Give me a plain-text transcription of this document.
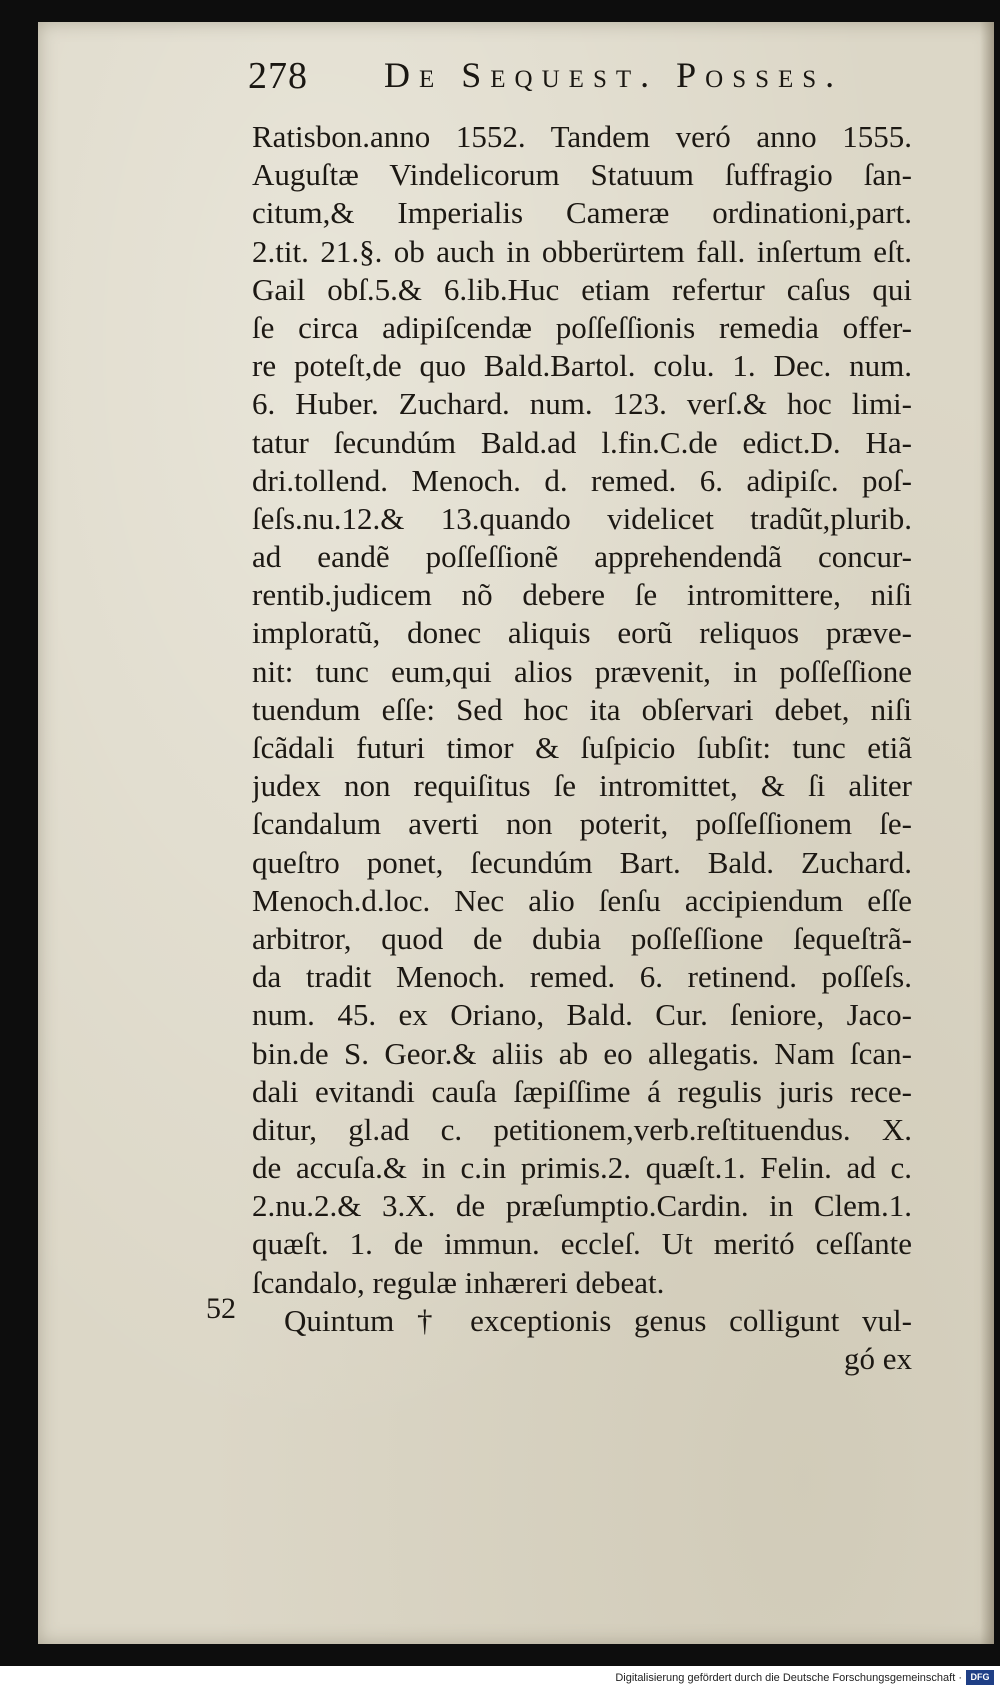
278 De Sequest. Posses.
Ratisbon.anno 1552. Tandem veró anno 1555.
Auguſtæ Vindelicorum Statuum ſuffragio ſan-
citum,& Imperialis Cameræ ordinationi,part.
2.tit. 21.§. ob auch in obberürtem fall. inſertum eſt.
Gail obſ.5.& 6.lib.Huc etiam refertur caſus qui
ſe circa adipiſcendæ poſſeſſionis remedia offer-
re poteſt,de quo Bald.Bartol. colu. 1. Dec. num.
6. Huber. Zuchard. num. 123. verſ.& hoc limi-
tatur ſecundúm Bald.ad l.fin.C.de edict.D. Ha-
dri.tollend. Menoch. d. remed. 6. adipiſc. poſ-
ſeſs.nu.12.& 13.quando videlicet tradũt,plurib.
ad eandẽ poſſeſſionẽ apprehendendã concur-
rentib.judicem nõ debere ſe intromittere, niſi
imploratũ, donec aliquis eorũ reliquos præve-
nit: tunc eum,qui alios prævenit, in poſſeſſione
tuendum eſſe: Sed hoc ita obſervari debet, niſi
ſcãdali futuri timor & ſuſpicio ſubſit: tunc etiã
judex non requiſitus ſe intromittet, & ſi aliter
ſcandalum averti non poterit, poſſeſſionem ſe-
queſtro ponet, ſecundúm Bart. Bald. Zuchard.
Menoch.d.loc. Nec alio ſenſu accipiendum eſſe
arbitror, quod de dubia poſſeſſione ſequeſtrã-
da tradit Menoch. remed. 6. retinend. poſſeſs.
num. 45. ex Oriano, Bald. Cur. ſeniore, Jaco-
bin.de S. Geor.& aliis ab eo allegatis. Nam ſcan-
dali evitandi cauſa ſæpiſſime á regulis juris rece-
ditur, gl.ad c. petitionem,verb.reſtituendus. X.
de accuſa.& in c.in primis.2. quæſt.1. Felin. ad c.
2.nu.2.& 3.X. de præſumptio.Cardin. in Clem.1.
quæſt. 1. de immun. eccleſ. Ut meritó ceſſante
ſcandalo, regulæ inhæreri debeat.
Quintum † exceptionis genus colligunt vul-
gó ex
52
Digitalisierung gefördert durch die Deutsche Forschungsgemeinschaft · DFG
